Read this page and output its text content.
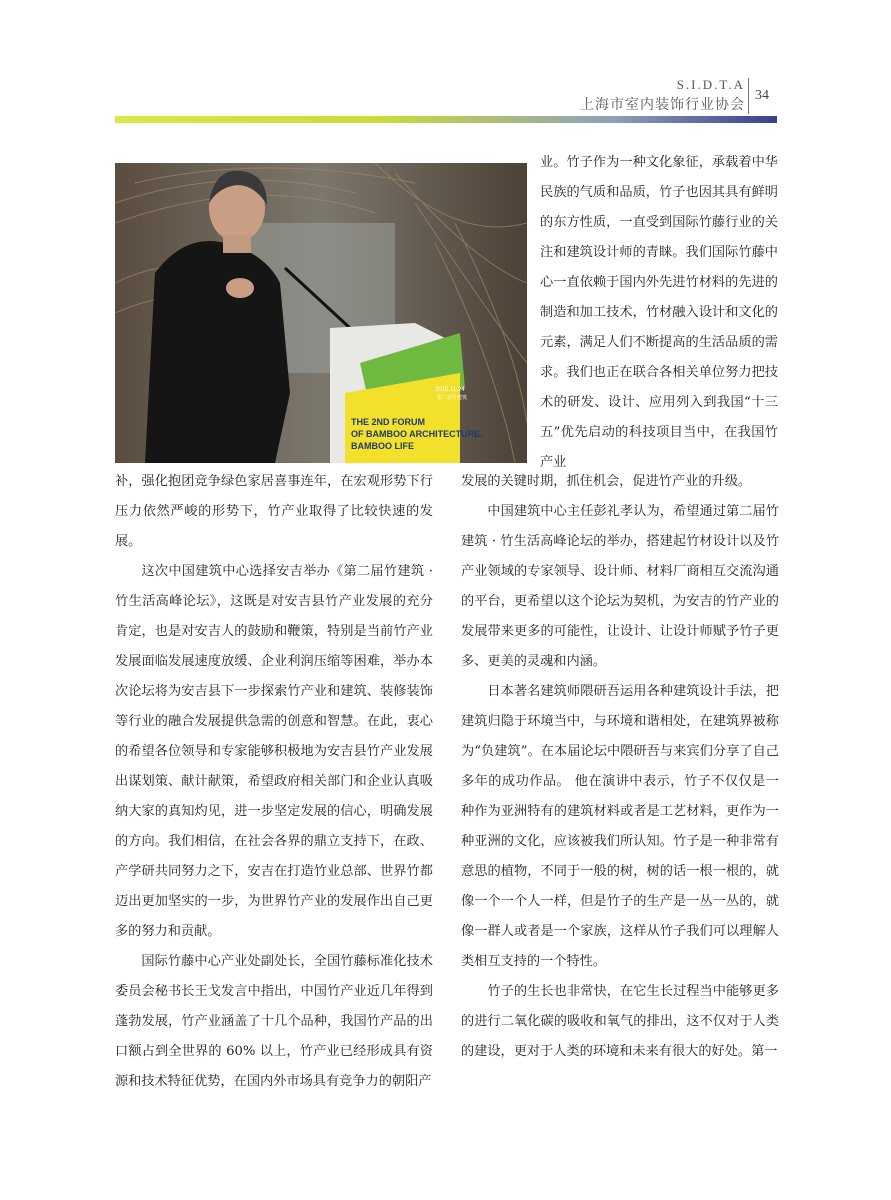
S.I.D.T.A
上海市室内装饰行业协会
34
2015.11.24
第二届竹建筑
THE 2ND FORUM
OF BAMBOO ARCHITECTURE,
BAMBOO LIFE

业。竹子作为一种文化象征，承载着中华民族的气质和品质，竹子也因其具有鲜明的东方性质，一直受到国际竹藤行业的关注和建筑设计师的青睐。我们国际竹藤中心一直依赖于国内外先进竹材料的先进的制造和加工技术，竹材融入设计和文化的元素，满足人们不断提高的生活品质的需求。我们也正在联合各相关单位努力把技术的研发、设计、应用列入到我国“十三五”优先启动的科技项目当中，在我国竹产业

补，强化抱团竞争绿色家居喜事连年，在宏观形势下行压力依然严峻的形势下，竹产业取得了比较快速的发展。

这次中国建筑中心选择安吉举办《第二届竹建筑 · 竹生活高峰论坛》，这既是对安吉县竹产业发展的充分肯定，也是对安吉人的鼓励和鞭策，特别是当前竹产业发展面临发展速度放缓、企业利润压缩等困难，举办本次论坛将为安吉县下一步探索竹产业和建筑、装修装饰等行业的融合发展提供急需的创意和智慧。在此，衷心的希望各位领导和专家能够积极地为安吉县竹产业发展出谋划策、献计献策，希望政府相关部门和企业认真吸纳大家的真知灼见，进一步坚定发展的信心，明确发展的方向。我们相信，在社会各界的鼎立支持下，在政、产学研共同努力之下，安吉在打造竹业总部、世界竹都迈出更加坚实的一步，为世界竹产业的发展作出自己更多的努力和贡献。

国际竹藤中心产业处副处长，全国竹藤标准化技术委员会秘书长王戈发言中指出，中国竹产业近几年得到蓬勃发展，竹产业涵盖了十几个品种，我国竹产品的出口额占到全世界的 60% 以上，竹产业已经形成具有资源和技术特征优势，在国内外市场具有竞争力的朝阳产

发展的关键时期，抓住机会，促进竹产业的升级。

中国建筑中心主任彭礼孝认为，希望通过第二届竹建筑 · 竹生活高峰论坛的举办，搭建起竹材设计以及竹产业领域的专家领导、设计师、材料厂商相互交流沟通的平台，更希望以这个论坛为契机，为安吉的竹产业的发展带来更多的可能性，让设计、让设计师赋予竹子更多、更美的灵魂和内涵。

日本著名建筑师隈研吾运用各种建筑设计手法，把建筑归隐于环境当中，与环境和谐相处，在建筑界被称为“负建筑”。在本届论坛中隈研吾与来宾们分享了自己多年的成功作品。 他在演讲中表示，竹子不仅仅是一种作为亚洲特有的建筑材料或者是工艺材料，更作为一种亚洲的文化，应该被我们所认知。竹子是一种非常有意思的植物，不同于一般的树，树的话一根一根的，就像一个一个人一样，但是竹子的生产是一丛一丛的，就像一群人或者是一个家族，这样从竹子我们可以理解人类相互支持的一个特性。

竹子的生长也非常快，在它生长过程当中能够更多的进行二氧化碳的吸收和氧气的排出，这不仅对于人类的建设，更对于人类的环境和未来有很大的好处。第一
